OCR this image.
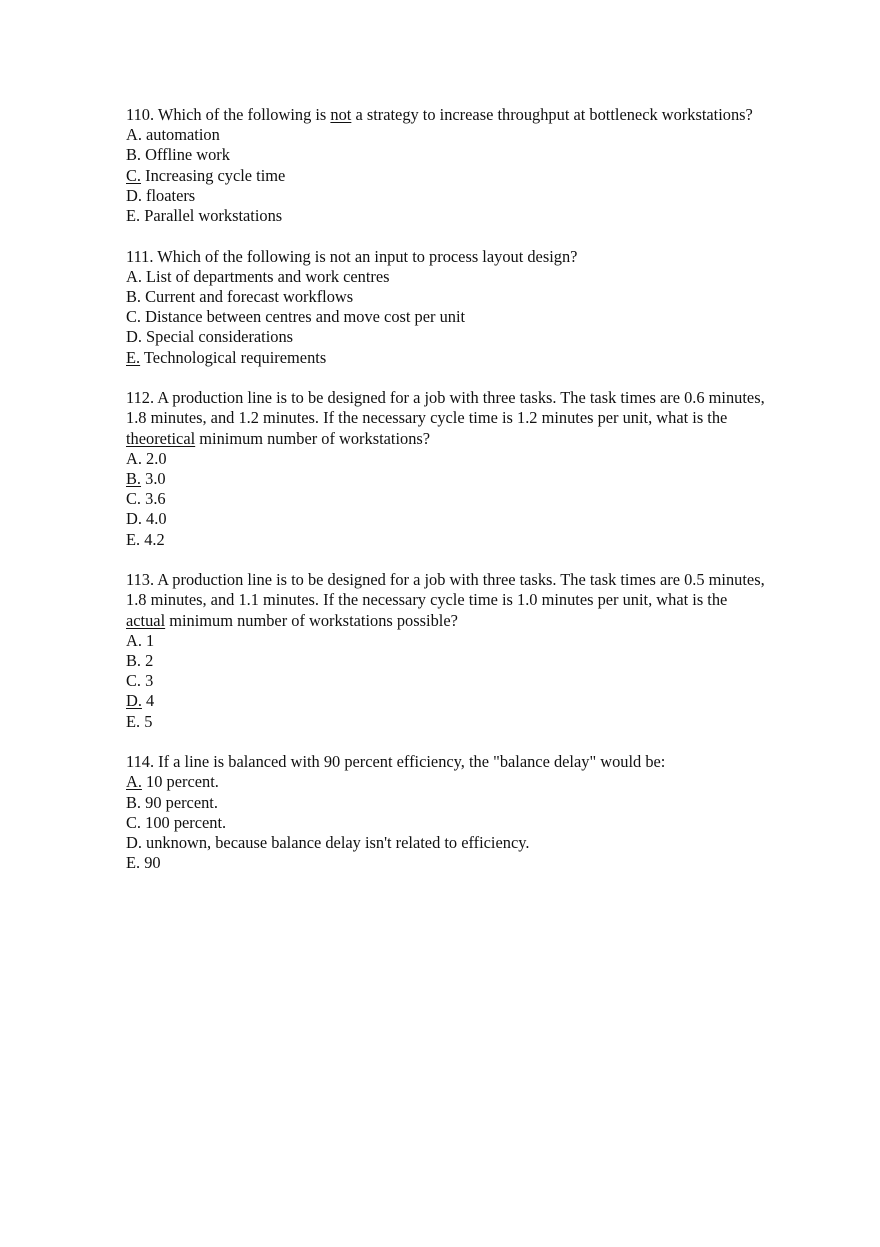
110. Which of the following is not a strategy to increase throughput at bottleneck workstations?

A. automation
B. Offline work
C. Increasing cycle time
D. floaters
E. Parallel workstations

111. Which of the following is not an input to process layout design?

A. List of departments and work centres
B. Current and forecast workflows
C. Distance between centres and move cost per unit
D. Special considerations
E. Technological requirements

112. A production line is to be designed for a job with three tasks. The task times are 0.6 minutes, 1.8 minutes, and 1.2 minutes. If the necessary cycle time is 1.2 minutes per unit, what is the theoretical minimum number of workstations?

A. 2.0
B. 3.0
C. 3.6
D. 4.0
E. 4.2

113. A production line is to be designed for a job with three tasks. The task times are 0.5 minutes, 1.8 minutes, and 1.1 minutes. If the necessary cycle time is 1.0 minutes per unit, what is the actual minimum number of workstations possible?

A. 1
B. 2
C. 3
D. 4
E. 5

114. If a line is balanced with 90 percent efficiency, the "balance delay" would be:

A. 10 percent.
B. 90 percent.
C. 100 percent.
D. unknown, because balance delay isn't related to efficiency.
E. 90
